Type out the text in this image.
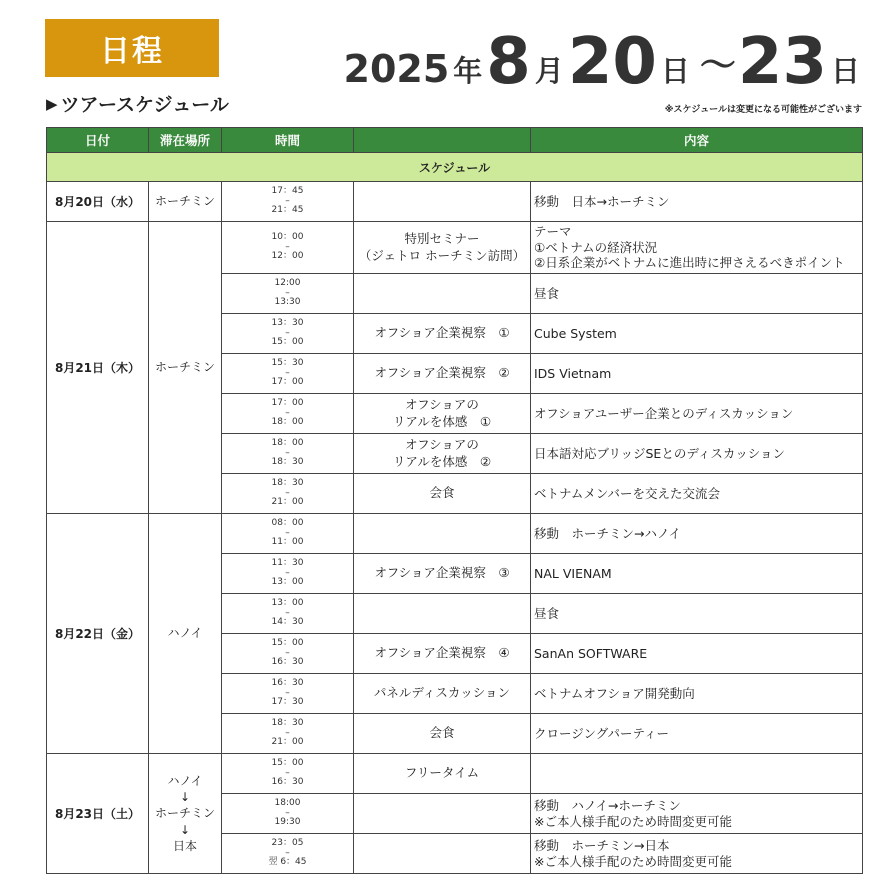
日程
▶ ツアースケジュール
2025 年 8 月 20 日 ～ 23 日
※スケジュールは変更になる可能性がございます
日付	滞在場所	時間		内容
スケジュール				
8月20日（水）	ホーチミン	17：45
–
21：45		移動　日本→ホーチミン

8月21日（木）	ホーチミン	10：00
–
12：00	特別セミナー
（ジェトロ ホーチミン訪問）	テーマ
①ベトナムの経済状況
②日系企業がベトナムに進出時に押さえるべきポイント

		12:00
–
13:30		昼食

		13：30
–
15：00	オフショア企業視察　①	Cube System

		15：30
–
17：00	オフショア企業視察　②	IDS Vietnam

		17：00
–
18：00	オフショアの
リアルを体感　①	オフショアユーザー企業とのディスカッション

		18：00
–
18：30	オフショアの
リアルを体感　②	日本語対応ブリッジSEとのディスカッション

		18：30
–
21：00	会食	ベトナムメンバーを交えた交流会

8月22日（金）	ハノイ	08：00
–
11：00		移動　ホーチミン→ハノイ

		11：30
–
13：00	オフショア企業視察　③	NAL VIENAM

		13：00
–
14：30		昼食

		15：00
–
16：30	オフショア企業視察　④	SanAn SOFTWARE

		16：30
–
17：30	パネルディスカッション	ベトナムオフショア開発動向

		18：30
–
21：00	会食	クロージングパーティー

8月23日（土）	ハノイ
↓
ホーチミン
↓
日本	15：00
–
16：30	フリータイム	

		18:00
–
19:30		移動　ハノイ→ホーチミン
※ご本人様手配のため時間変更可能

		23：05
–
翌 6：45		移動　ホーチミン→日本
※ご本人様手配のため時間変更可能
